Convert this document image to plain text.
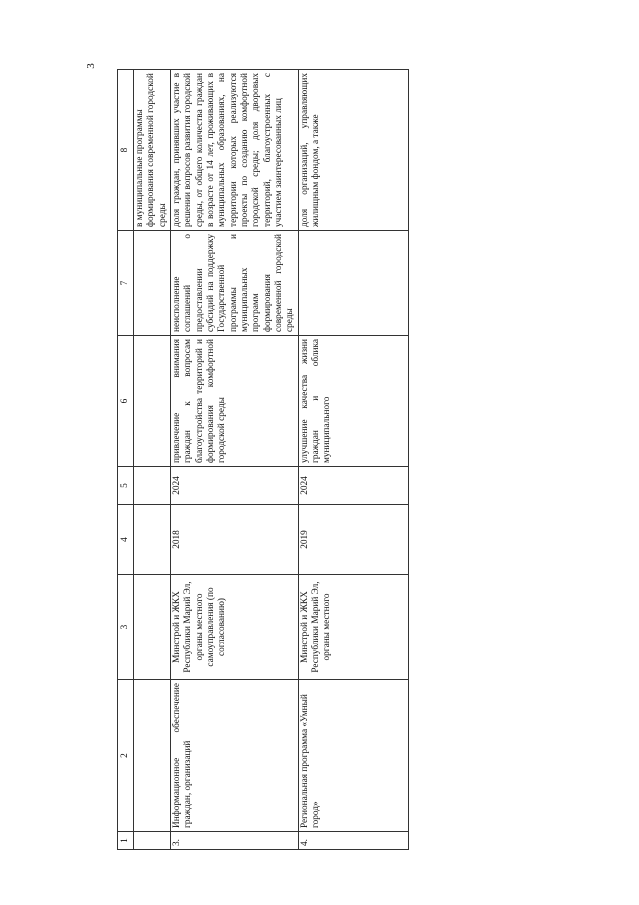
3
1	2	3	4	5	6	7	8
							в муниципальные программы формирования современной городской среды
3.	Информационное обеспечение граждан, организаций	Минстрой и ЖКХ Республики Марий Эл, органы местного самоуправления (по согласованию)	2018	2024	привлечение внимания граждан к вопросам благоустройства территорий и формирования комфортной городской среды	неисполнение соглашений о предоставлении субсидий на поддержку Государственной программы и муниципальных программ формирования современной городской среды	доля граждан, принявших участие в решении вопросов развития городской среды, от общего количества граждан в возрасте от 14 лет, проживающих в муниципальных образованиях, на территории которых реализуются проекты по созданию комфортной городской среды; доля дворовых территорий, благоустроенных с участием заинтересованных лиц
4.	Региональная программа «Умный город»	Минстрой и ЖКХ Республики Марий Эл, органы местного	2019	2024	улучшение качества жизни граждан и облика муниципального		доля организаций, управляющих жилищным фондом, а также
